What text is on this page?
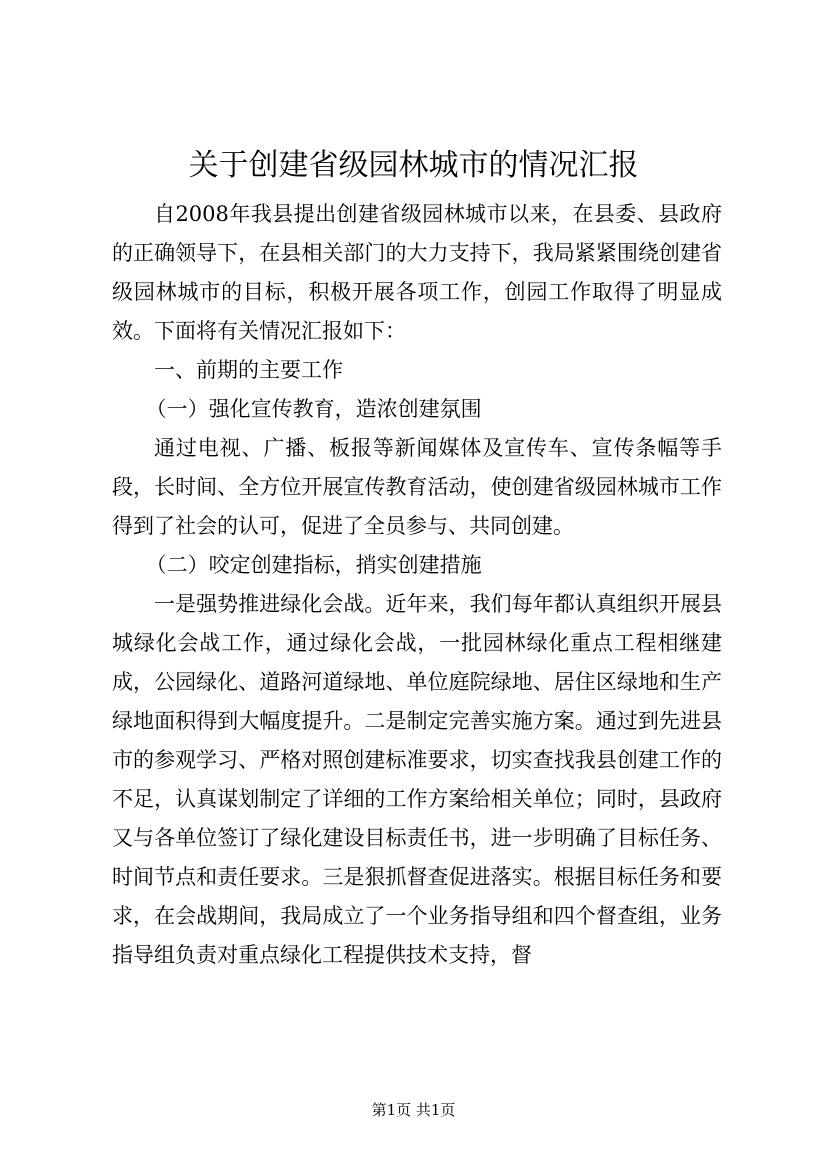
关于创建省级园林城市的情况汇报

自2008年我县提出创建省级园林城市以来，在县委、县政府的正确领导下，在县相关部门的大力支持下，我局紧紧围绕创建省级园林城市的目标，积极开展各项工作，创园工作取得了明显成效。下面将有关情况汇报如下：

一、前期的主要工作

（一）强化宣传教育，造浓创建氛围

通过电视、广播、板报等新闻媒体及宣传车、宣传条幅等手段，长时间、全方位开展宣传教育活动，使创建省级园林城市工作得到了社会的认可，促进了全员参与、共同创建。

（二）咬定创建指标，捎实创建措施

一是强势推进绿化会战。近年来，我们每年都认真组织开展县城绿化会战工作，通过绿化会战，一批园林绿化重点工程相继建成，公园绿化、道路河道绿地、单位庭院绿地、居住区绿地和生产绿地面积得到大幅度提升。二是制定完善实施方案。通过到先进县市的参观学习、严格对照创建标准要求，切实查找我县创建工作的不足，认真谋划制定了详细的工作方案给相关单位；同时，县政府又与各单位签订了绿化建设目标责任书，进一步明确了目标任务、时间节点和责任要求。三是狠抓督查促进落实。根据目标任务和要求，在会战期间，我局成立了一个业务指导组和四个督查组，业务指导组负责对重点绿化工程提供技术支持，督

第1页 共1页
